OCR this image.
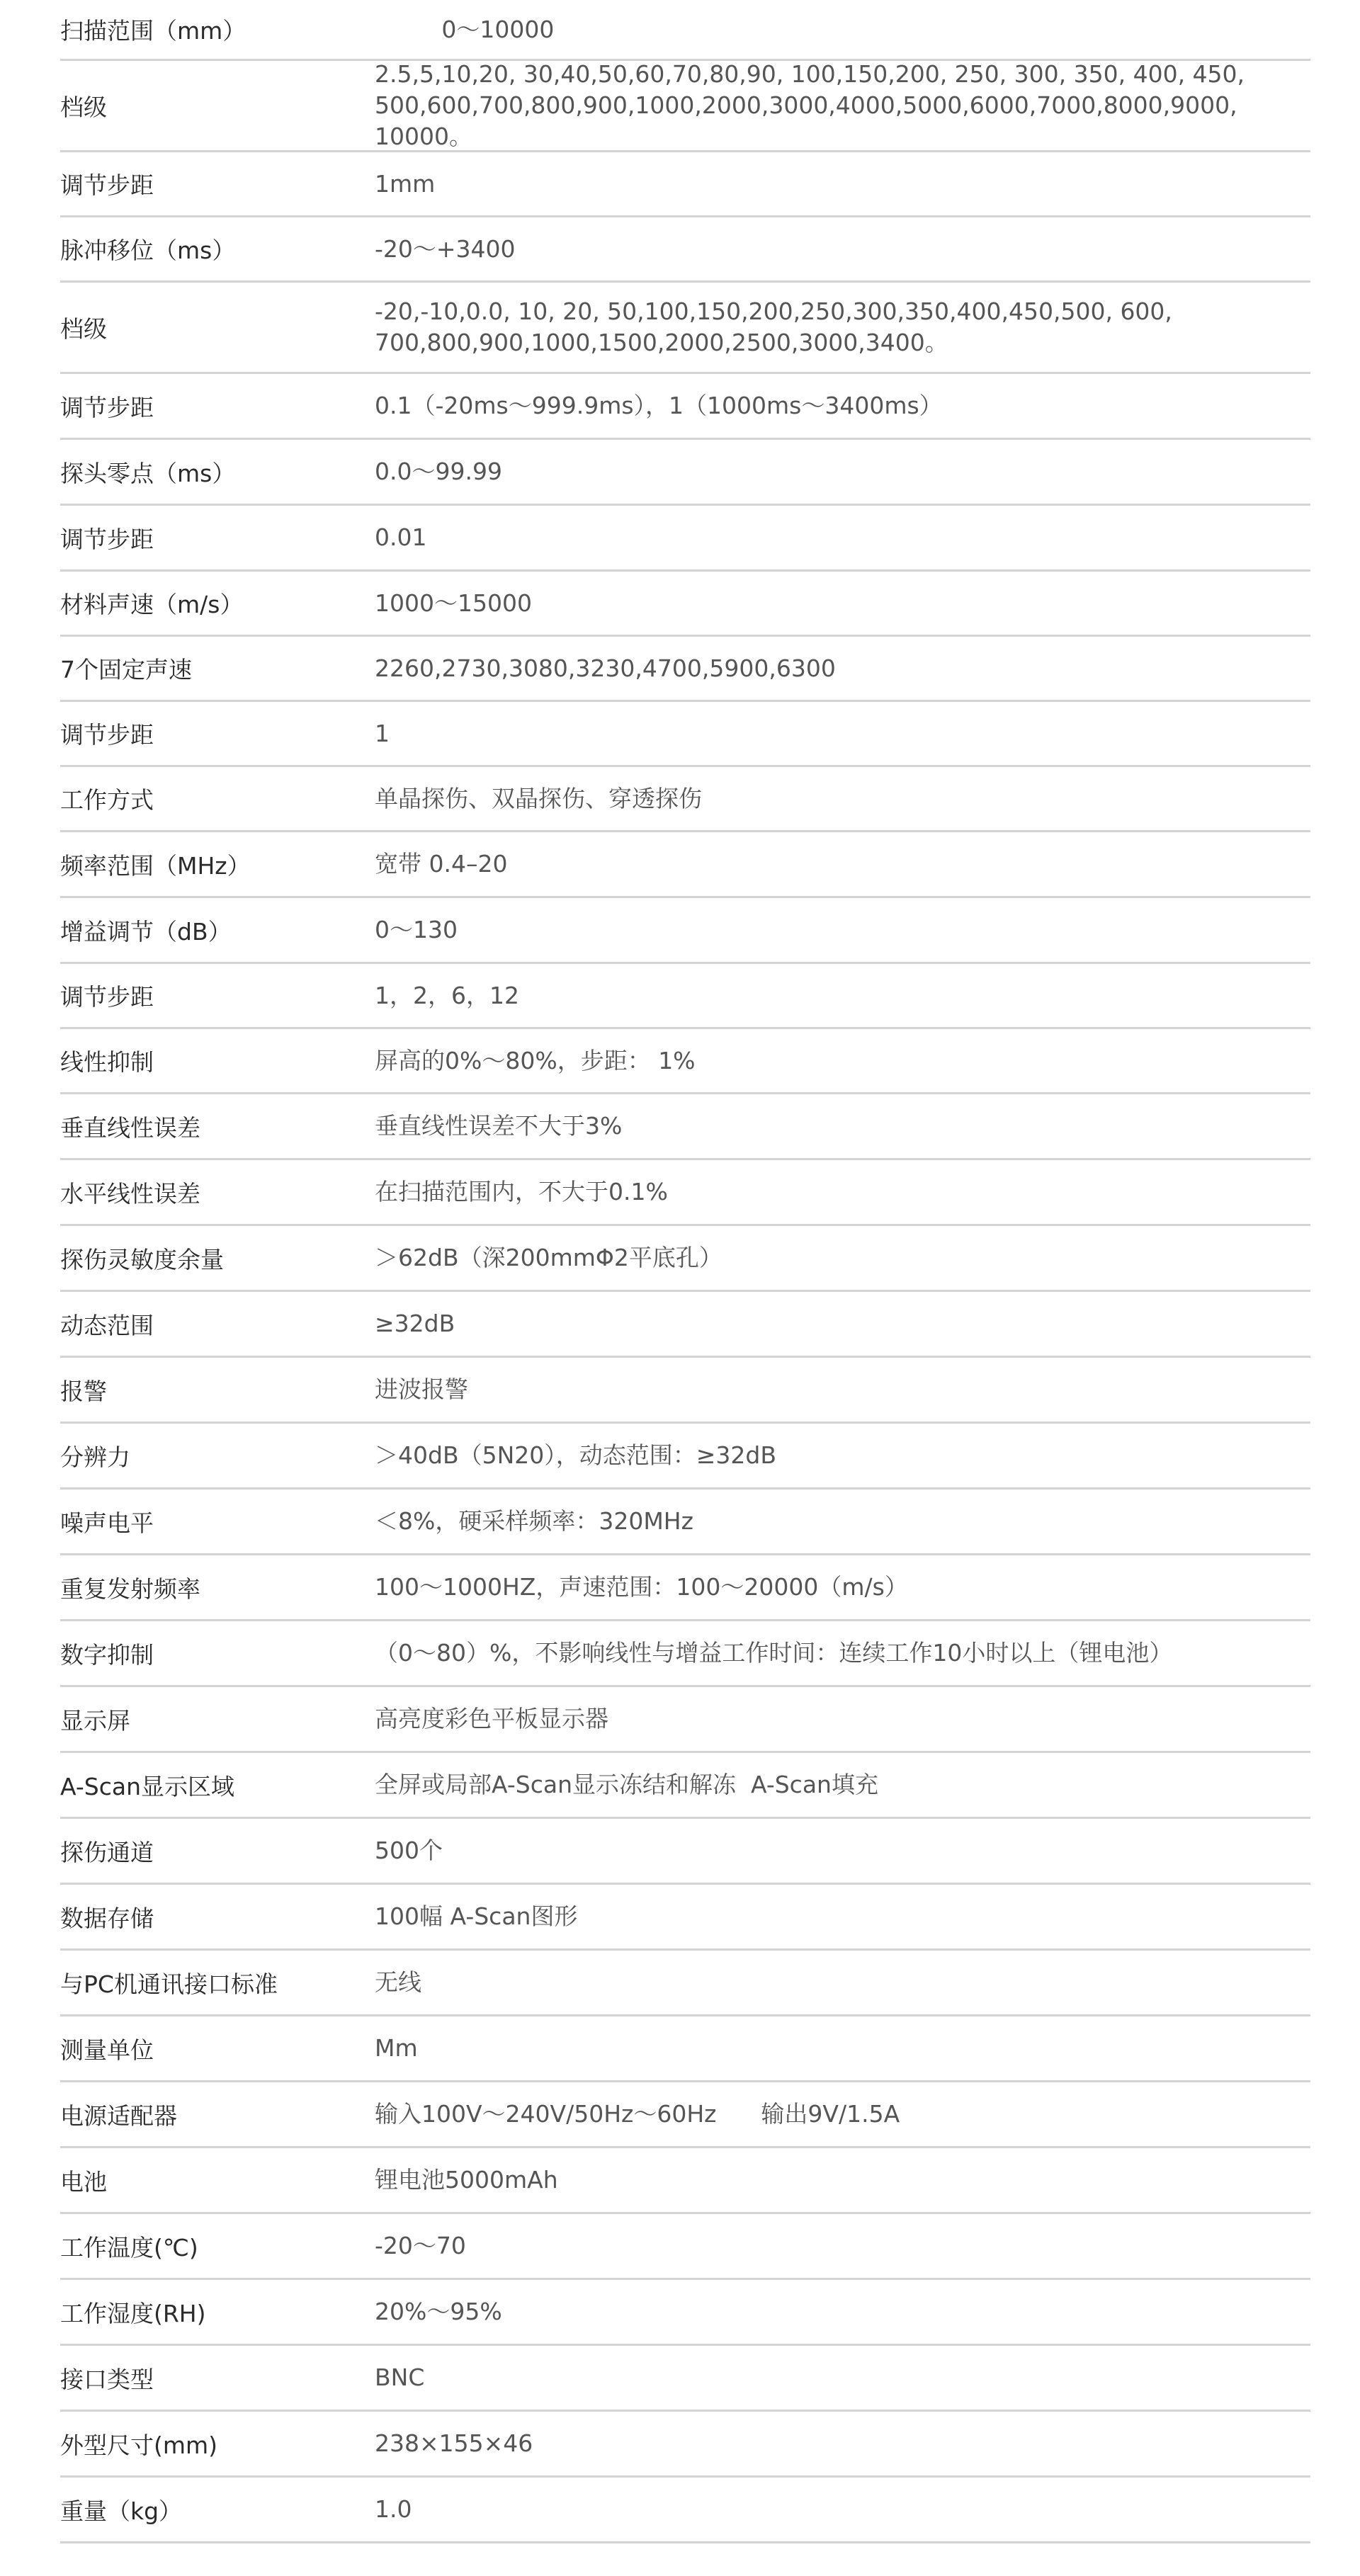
扫描范围（mm）	0～10000
档级
2.5,5,10,20, 30,40,50,60,70,80,90, 100,150,200, 250, 300, 350, 400, 450,
500,600,700,800,900,1000,2000,3000,4000,5000,6000,7000,8000,9000, 10000。
调节步距	1mm
脉冲移位（ms）	-20～+3400
档级
-20,-10,0.0, 10, 20, 50,100,150,200,250,300,350,400,450,500, 600,
700,800,900,1000,1500,2000,2500,3000,3400。
调节步距	0.1（-20ms～999.9ms），1（1000ms～3400ms）
探头零点（ms）	0.0～99.99
调节步距	0.01
材料声速（m/s）	1000～15000
7个固定声速	2260,2730,3080,3230,4700,5900,6300
调节步距	1
工作方式	单晶探伤、双晶探伤、穿透探伤
频率范围（MHz）	宽带 0.4–20
增益调节（dB）	0～130
调节步距	1，2，6，12
线性抑制	屏高的0%～80%，步距： 1%
垂直线性误差	垂直线性误差不大于3%
水平线性误差	在扫描范围内，不大于0.1%
探伤灵敏度余量	＞62dB（深200mmΦ2平底孔）
动态范围	≥32dB
报警	进波报警
分辨力	＞40dB（5N20），动态范围：≥32dB
噪声电平	＜8%，硬采样频率：320MHz
重复发射频率	100～1000HZ，声速范围：100～20000（m/s）
数字抑制	（0～80）%，不影响线性与增益工作时间：连续工作10小时以上（锂电池）
显示屏	高亮度彩色平板显示器
A-Scan显示区域	全屏或局部A-Scan显示冻结和解冻  A-Scan填充
探伤通道	500个
数据存储	100幅 A-Scan图形
与PC机通讯接口标准	无线
测量单位	Mm
电源适配器	输入100V～240V/50Hz～60Hz      输出9V/1.5A
电池	锂电池5000mAh
工作温度(℃)	-20～70
工作湿度(RH)	20%～95%
接口类型	BNC
外型尺寸(mm)	238×155×46
重量（kg）	1.0
